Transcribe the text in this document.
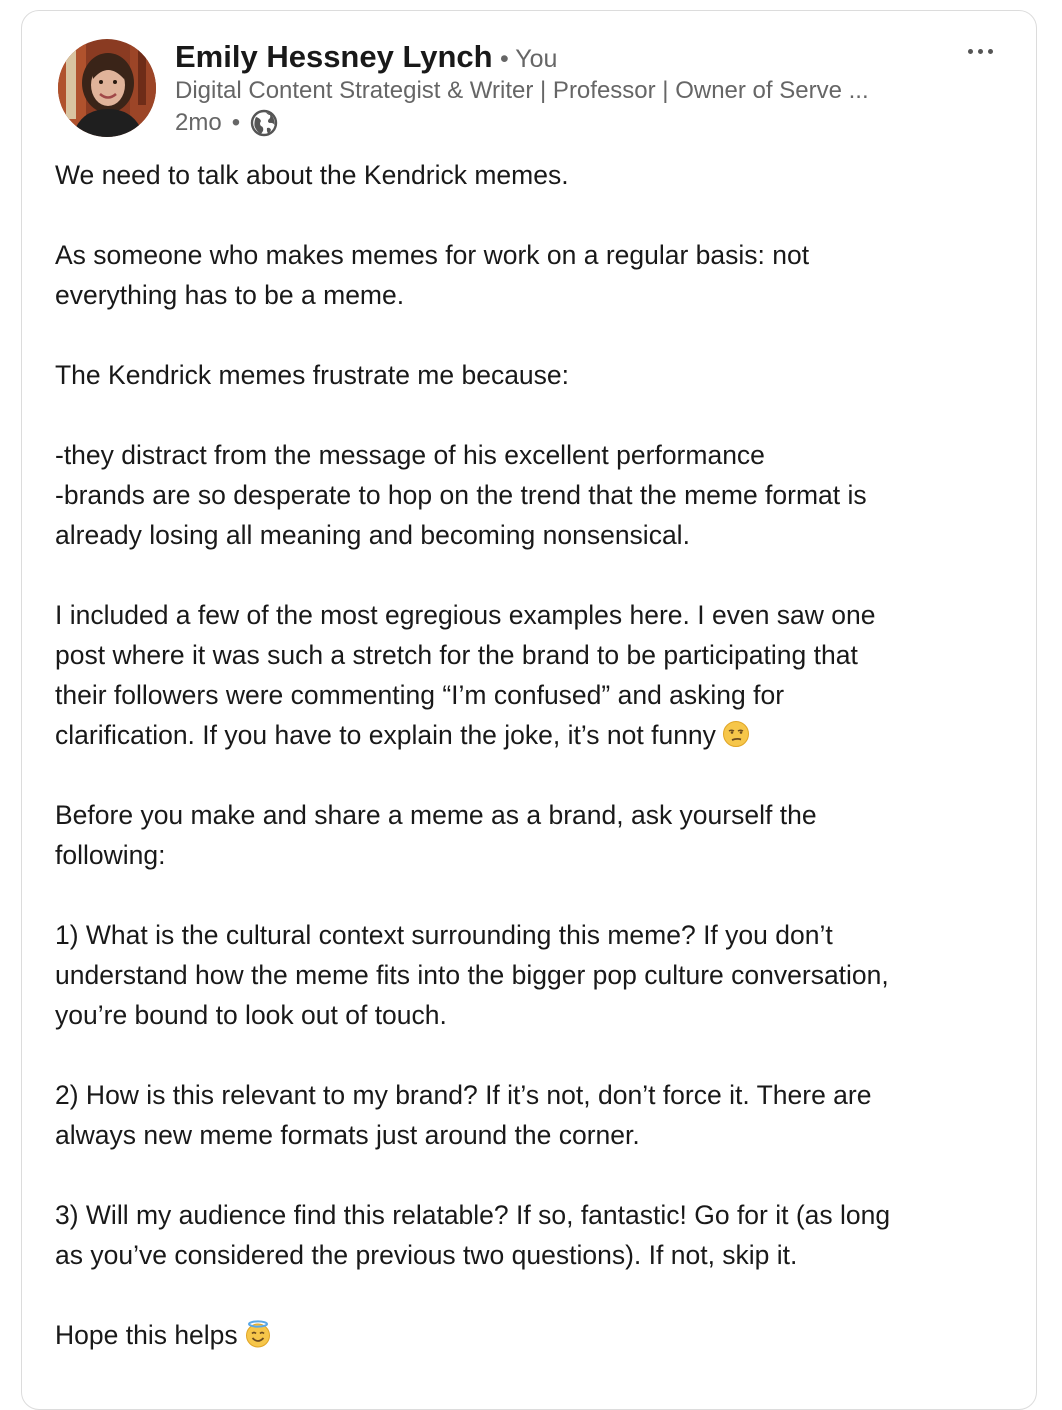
Emily Hessney Lynch • You
Digital Content Strategist & Writer | Professor | Owner of Serve ...
2mo •

We need to talk about the Kendrick memes.

As someone who makes memes for work on a regular basis: not
everything has to be a meme.

The Kendrick memes frustrate me because:

-they distract from the message of his excellent performance
-brands are so desperate to hop on the trend that the meme format is
already losing all meaning and becoming nonsensical.

I included a few of the most egregious examples here. I even saw one
post where it was such a stretch for the brand to be participating that
their followers were commenting “I’m confused” and asking for
clarification. If you have to explain the joke, it’s not funny

Before you make and share a meme as a brand, ask yourself the
following:

1) What is the cultural context surrounding this meme? If you don’t
understand how the meme fits into the bigger pop culture conversation,
you’re bound to look out of touch.

2) How is this relevant to my brand? If it’s not, don’t force it. There are
always new meme formats just around the corner.

3) Will my audience find this relatable? If so, fantastic! Go for it (as long
as you’ve considered the previous two questions). If not, skip it.

Hope this helps
